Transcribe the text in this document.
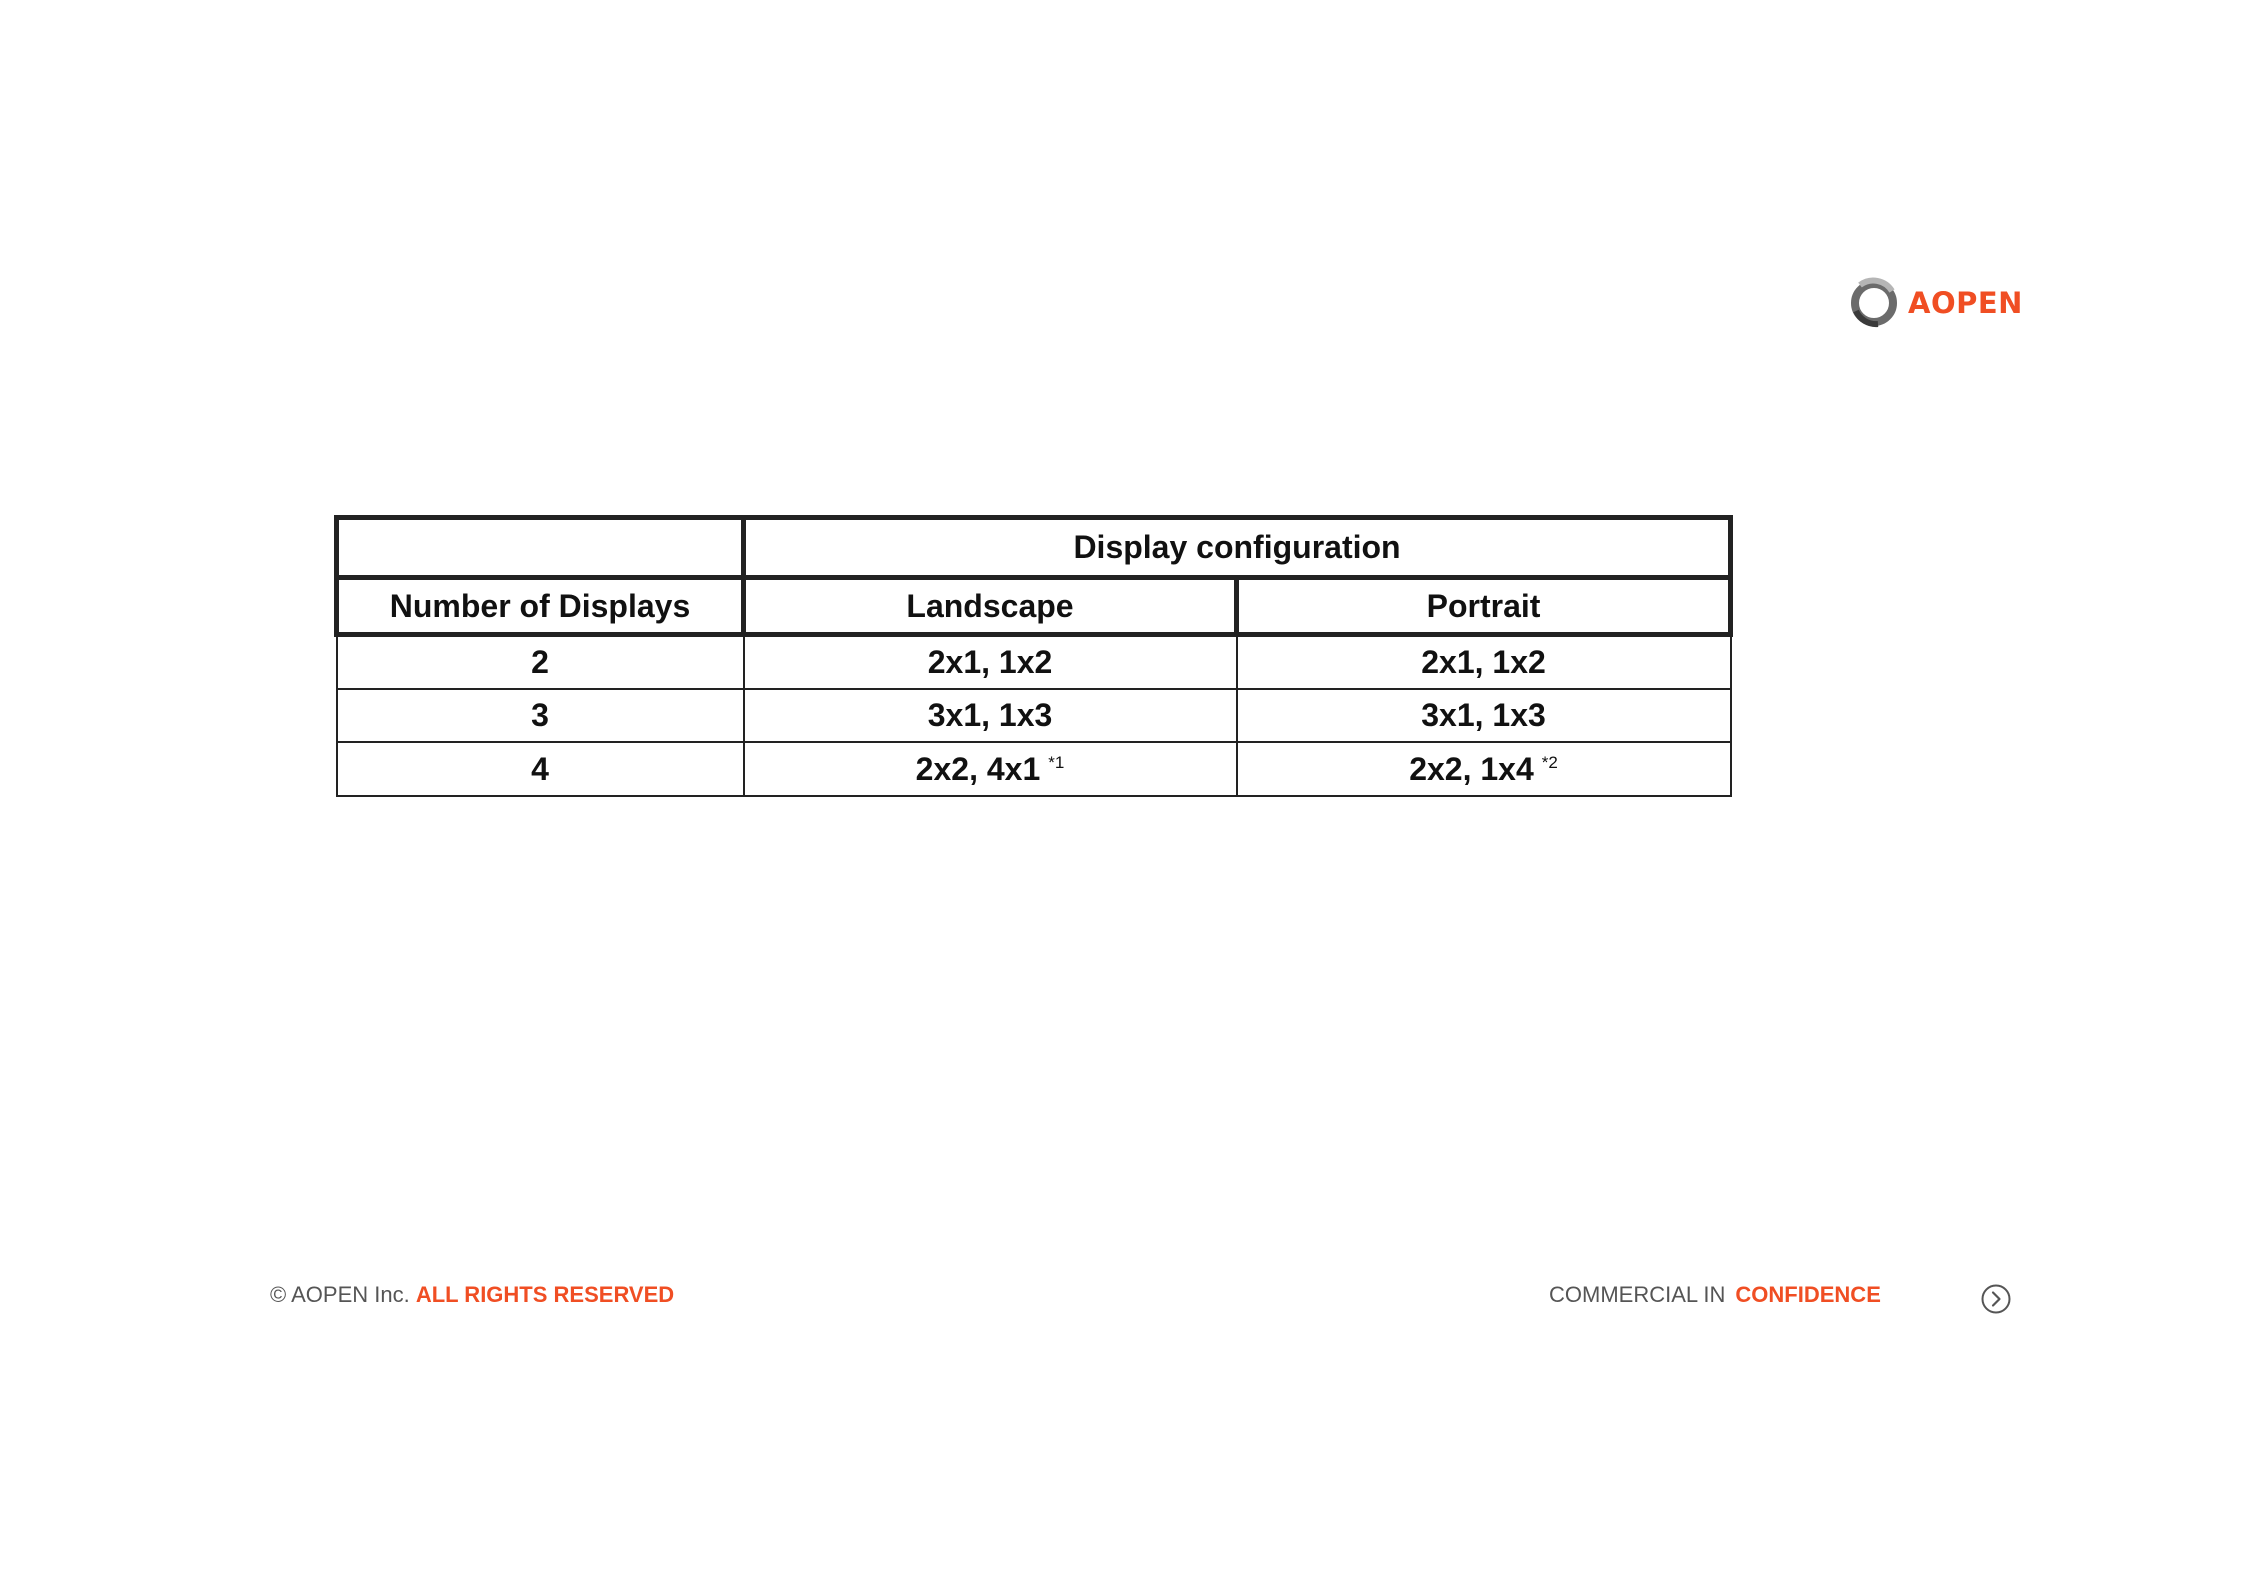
AOPEN
	Display configuration	
Number of Displays	Landscape	Portrait
2	2x1, 1x2	2x1, 1x2
3	3x1, 1x3	3x1, 1x3
4	2x2, 4x1 $^{*1}$	2x2, 1x4 $^{*2}$
© AOPEN Inc. ALL RIGHTS RESERVED	COMMERCIAL IN CONFIDENCE
